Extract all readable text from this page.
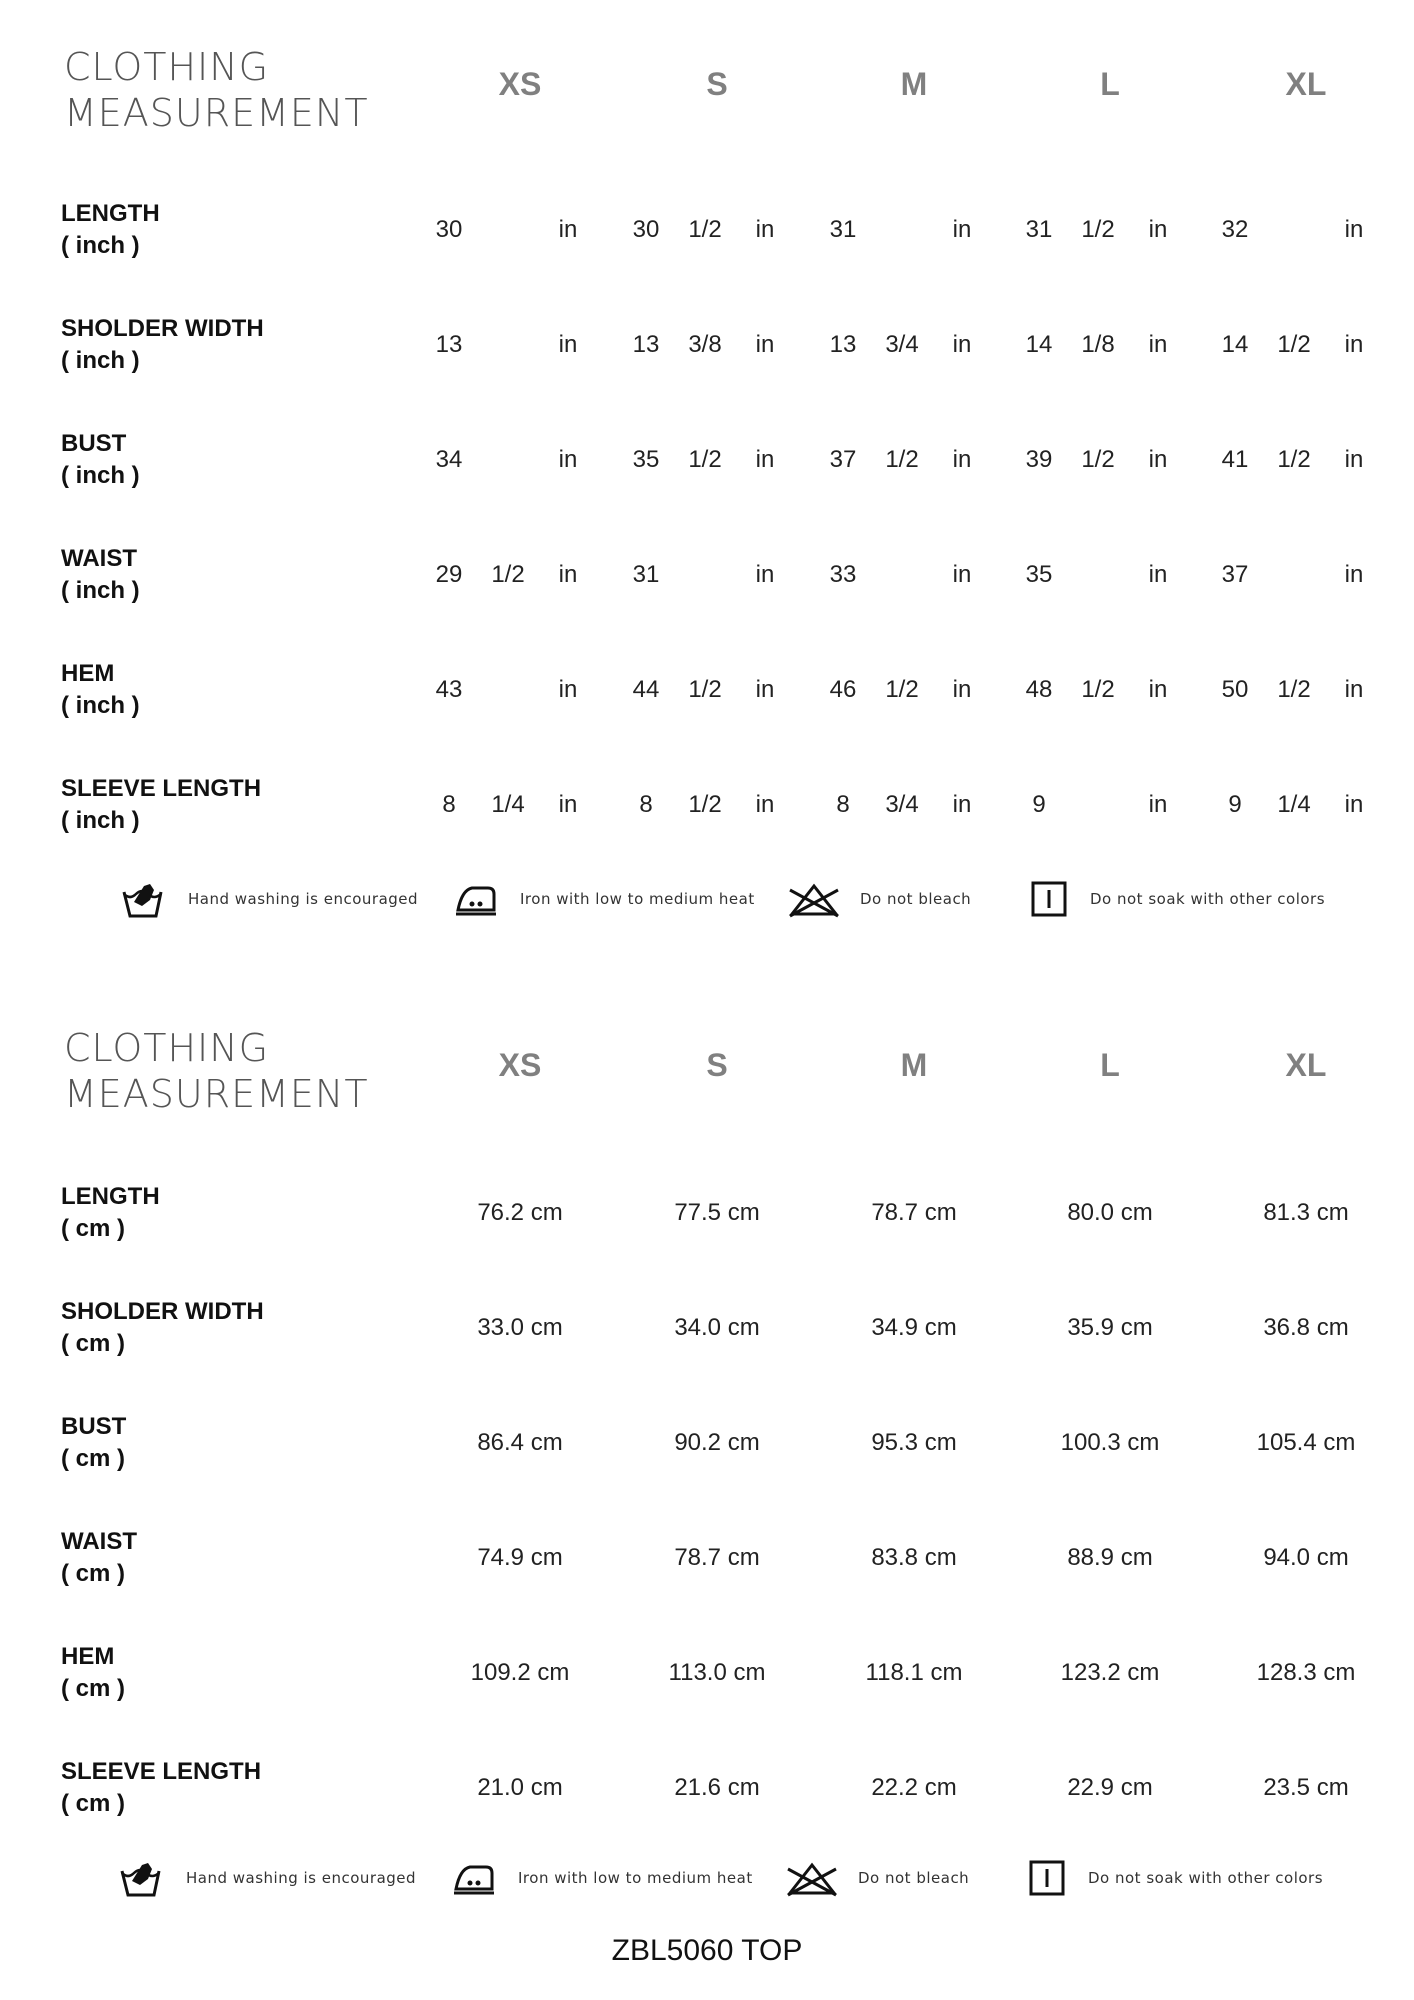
CLOTHING
MEASUREMENT
XS	S	M	L	XL
LENGTH
( inch )
30	in	30	1/2	in	31	in	31	1/2	in	32	in
SHOLDER WIDTH
( inch )
13	in	13	3/8	in	13	3/4	in	14	1/8	in	14	1/2	in
BUST
( inch )
34	in	35	1/2	in	37	1/2	in	39	1/2	in	41	1/2	in
WAIST
( inch )
29	1/2	in	31	in	33	in	35	in	37	in
HEM
( inch )
43	in	44	1/2	in	46	1/2	in	48	1/2	in	50	1/2	in
SLEEVE LENGTH
( inch )
8	1/4	in	8	1/2	in	8	3/4	in	9	in	9	1/4	in
Hand washing is encouraged	Iron with low to medium heat	Do not bleach	Do not soak with other colors
CLOTHING
MEASUREMENT
XS	S	M	L	XL
LENGTH
( cm )
76.2 cm	77.5 cm	78.7 cm	80.0 cm	81.3 cm
SHOLDER WIDTH
( cm )
33.0 cm	34.0 cm	34.9 cm	35.9 cm	36.8 cm
BUST
( cm )
86.4 cm	90.2 cm	95.3 cm	100.3 cm	105.4 cm
WAIST
( cm )
74.9 cm	78.7 cm	83.8 cm	88.9 cm	94.0 cm
HEM
( cm )
109.2 cm	113.0 cm	118.1 cm	123.2 cm	128.3 cm
SLEEVE LENGTH
( cm )
21.0 cm	21.6 cm	22.2 cm	22.9 cm	23.5 cm
Hand washing is encouraged	Iron with low to medium heat	Do not bleach	Do not soak with other colors
ZBL5060 TOP
